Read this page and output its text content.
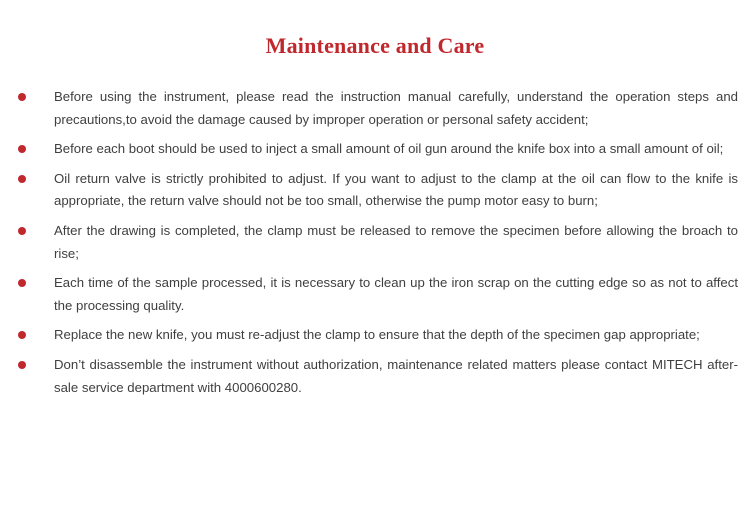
Maintenance and Care
Before using the instrument, please read the instruction manual carefully, understand the operation steps and precautions,to avoid the damage caused by improper operation or personal safety accident;
Before each boot should be used to inject a small amount of oil gun around the knife box into a small amount of oil;
Oil return valve is strictly prohibited to adjust. If you want to adjust to the clamp at the oil can flow to the knife is appropriate, the return valve should not be too small, otherwise the pump motor easy to burn;
After the drawing is completed, the clamp must be released to remove the specimen before allowing the broach to rise;
Each time of the sample processed, it is necessary to clean up the iron scrap on the cutting edge so as not to affect the processing quality.
Replace the new knife, you must re-adjust the clamp to ensure that the depth of the specimen gap appropriate;
Don’t disassemble the instrument without authorization, maintenance related matters please contact MITECH after-sale service department with 4000600280.
